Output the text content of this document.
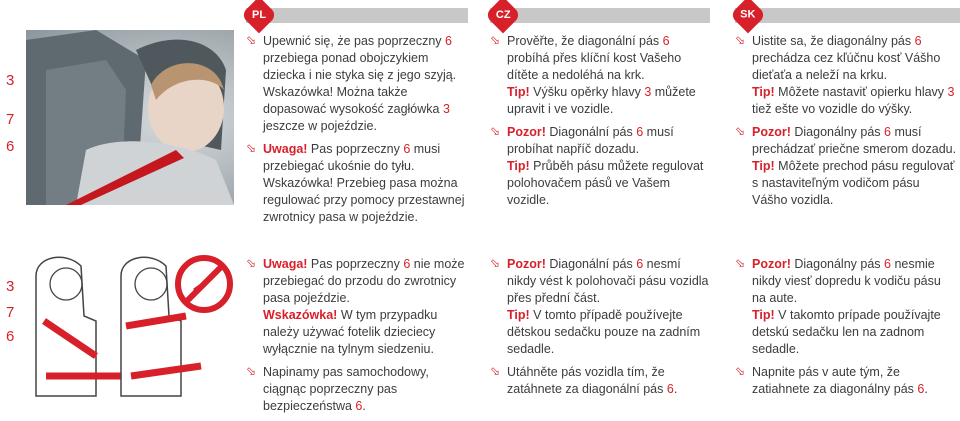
PL	CZ	SK
3
7
6
3
7
6
⬂ Upewnić się, że pas poprzeczny 6 przebiega ponad obojczykiem dziecka i nie styka się z jego szyją.
Wskazówka! Można także dopasować wysokość zagłówka 3 jeszcze w pojeździe.
⬂ Uwaga! Pas poprzeczny 6 musi przebiegać ukośnie do tyłu.
Wskazówka! Przebieg pasa można regulować przy pomocy przestawnej zwrotnicy pasa w pojeździe.
⬂ Uwaga! Pas poprzeczny 6 nie może przebiegać do przodu do zwrotnicy pasa pojeździe.
Wskazówka! W tym przypadku należy używać fotelik dzieciecy wyłącznie na tylnym siedzeniu.
⬂ Napinamy pas samochodowy, ciągnąc poprzeczny pas bezpieczeństwa 6.
⬂ Prověřte, že diagonální pás 6 probíhá přes klíční kost Vašeho dítěte a nedoléhá na krk.
Tip! Výšku opěrky hlavy 3 můžete upravit i ve vozidle.
⬂ Pozor! Diagonální pás 6 musí probíhat napříč dozadu.
Tip! Průběh pásu můžete regulovat polohovačem pásů ve Vašem vozidle.
⬂ Pozor! Diagonální pás 6 nesmí nikdy vést k polohovači pásu vozidla přes přední část.
Tip! V tomto případě používejte dětskou sedačku pouze na zadním sedadle.
⬂ Utáhněte pás vozidla tím, že zatáhnete za diagonální pás 6.
⬂ Uistite sa, že diagonálny pás 6 prechádza cez kľúčnu kosť Vášho dieťaťa a neleží na krku.
Tip! Môžete nastaviť opierku hlavy 3 tiež ešte vo vozidle do výšky.
⬂ Pozor! Diagonálny pás 6 musí prechádzať priečne smerom dozadu.
Tip! Môžete prechod pásu regulovať s nastaviteľným vodičom pásu Vášho vozidla.
⬂ Pozor! Diagonálny pás 6 nesmie nikdy viesť dopredu k vodiču pásu na aute.
Tip! V takomto prípade používajte detskú sedačku len na zadnom sedadle.
⬂ Napnite pás v aute tým, že zatiahnete za diagonálny pás 6.
